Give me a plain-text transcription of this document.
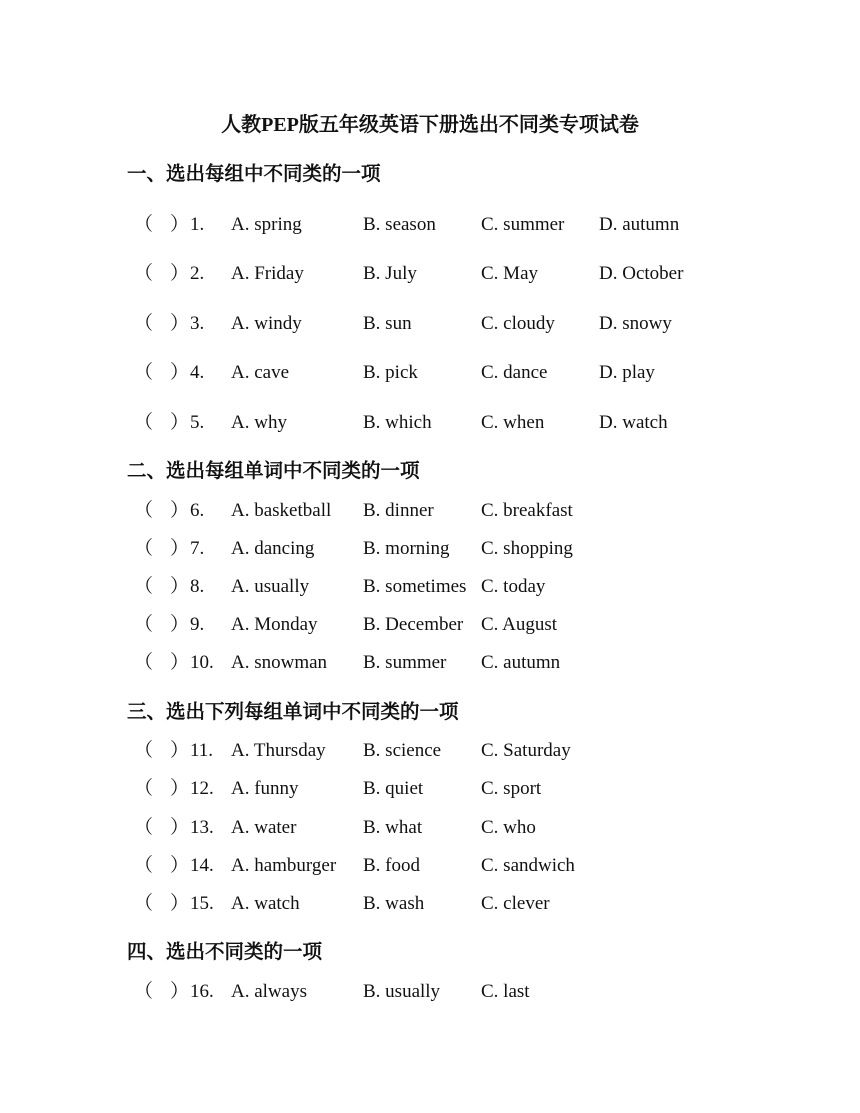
人教PEP版五年级英语下册选出不同类专项试卷
一、选出每组中不同类的一项
（ ） 1. A. spring	B. season C. summer D. autumn
（ ） 2. A. Friday	B. July	C. May	D. October
（ ） 3. A. windy	B. sun	C. cloudy D. snowy
（ ） 4. A. cave	B. pick	C. dance	D. play
（ ） 5. A. why	B. which	C. when	D. watch
二、选出每组单词中不同类的一项
（ ） 6. A. basketball B. dinner C. breakfast
（ ） 7. A. dancing	B. morning C. shopping
（ ） 8. A. usually	B. sometimes C. today
（ ） 9. A. Monday B. December C. August
（ ） 10. A. snowman B. summer C. autumn
三、选出下列每组单词中不同类的一项
（ ） 11. A. Thursday B. science C. Saturday
（ ） 12. A. funny	B. quiet	C. sport
（ ） 13. A. water	B. what	C. who
（ ） 14. A. hamburger B. food	C. sandwich
（ ） 15. A. watch	B. wash	C. clever
四、选出不同类的一项
（ ） 16. A. always	B. usually C. last
